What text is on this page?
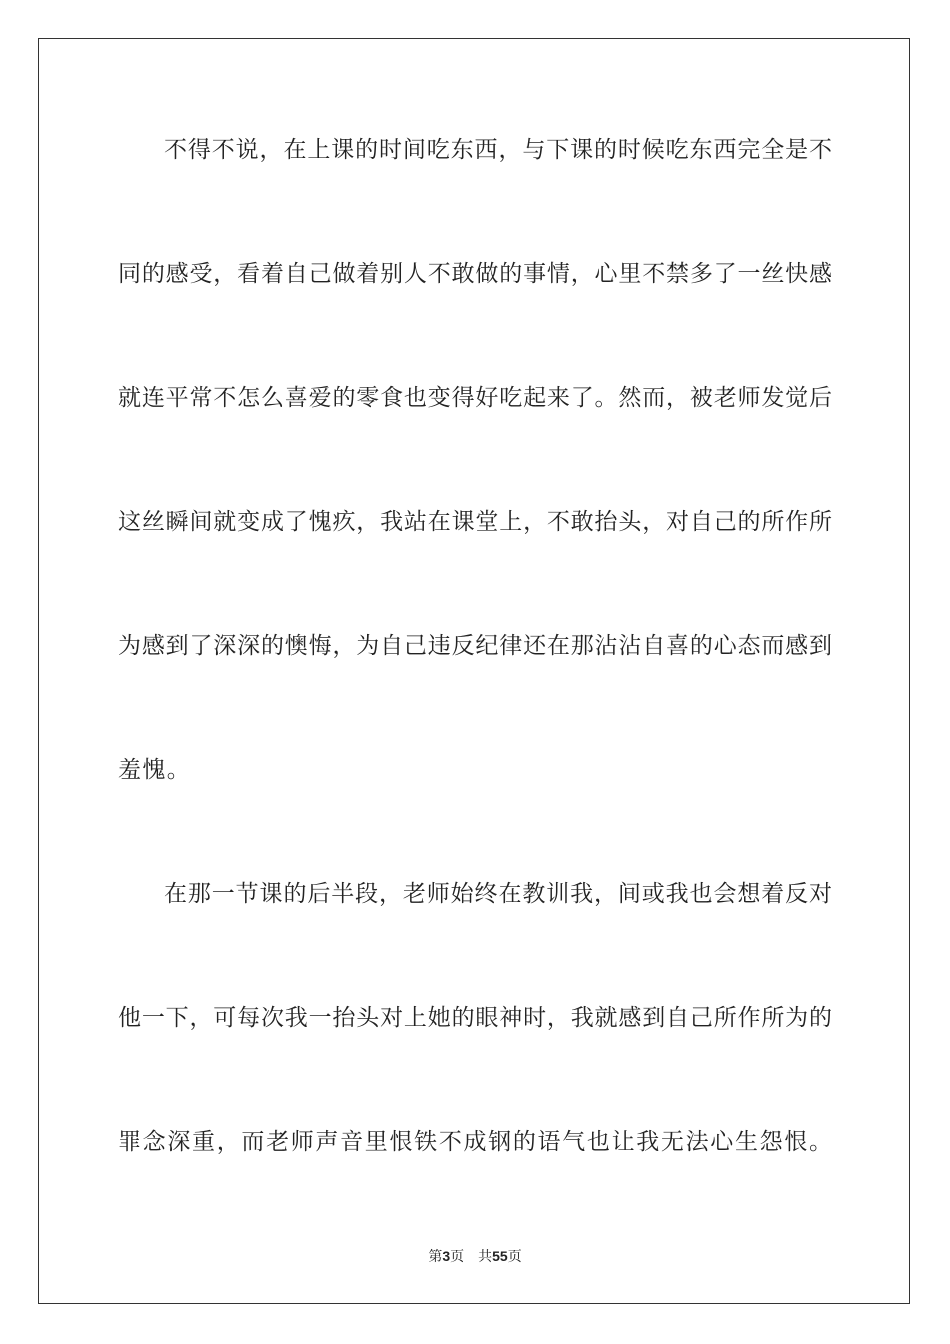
不得不说，在上课的时间吃东西，与下课的时候吃东西完全是不
同的感受，看着自己做着别人不敢做的事情，心里不禁多了一丝快感
就连平常不怎么喜爱的零食也变得好吃起来了。然而，被老师发觉后
这丝瞬间就变成了愧疚，我站在课堂上，不敢抬头，对自己的所作所
为感到了深深的懊悔，为自己违反纪律还在那沾沾自喜的心态而感到
羞愧。
在那一节课的后半段，老师始终在教训我，间或我也会想着反对
他一下，可每次我一抬头对上她的眼神时，我就感到自己所作所为的
罪念深重，而老师声音里恨铁不成钢的语气也让我无法心生怨恨。
第3页 共55页
